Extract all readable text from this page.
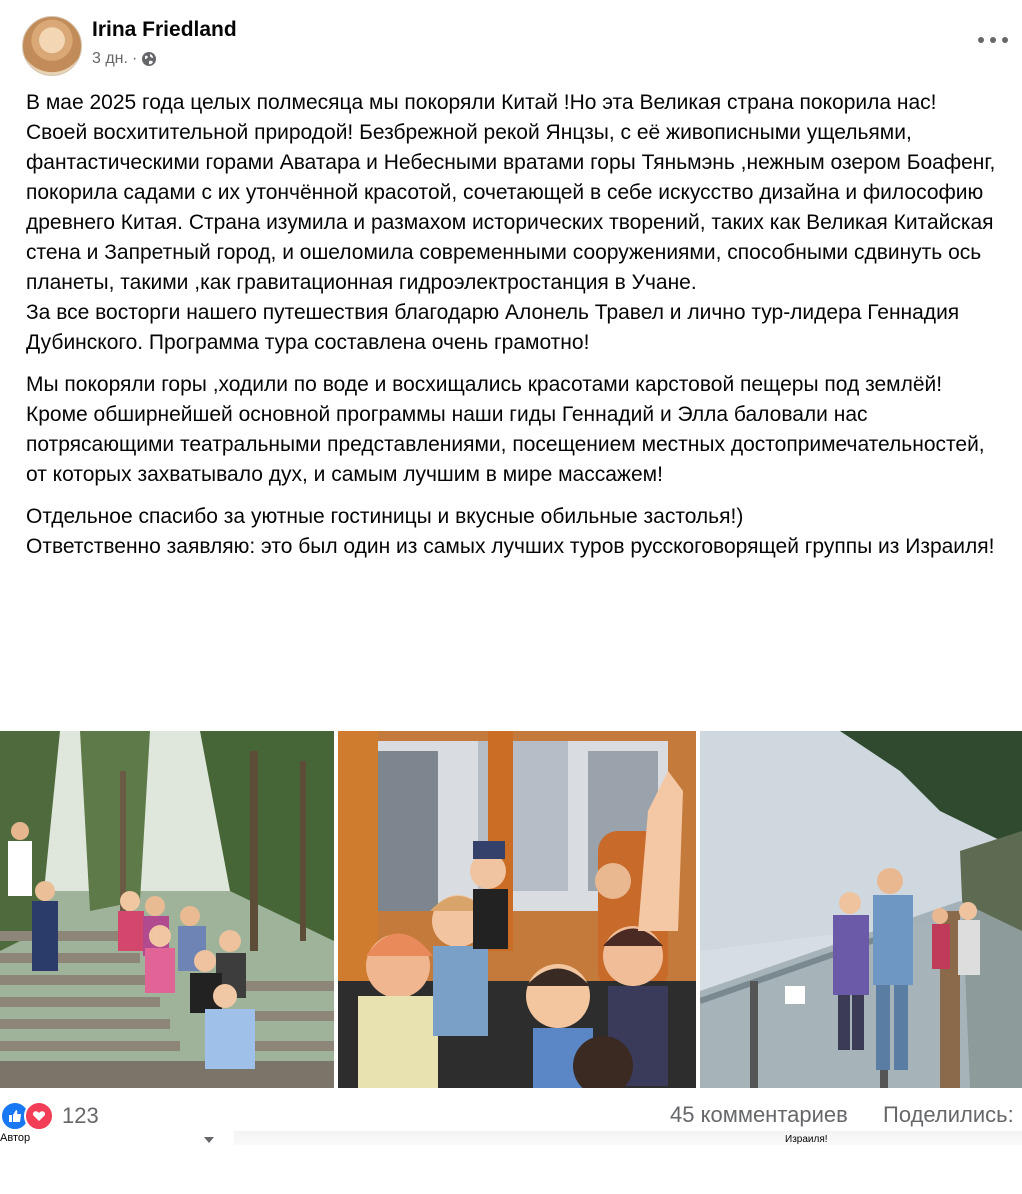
Irina Friedland
3 дн. ·

В мае 2025 года целых полмесяца мы покоряли Китай !Но эта Великая страна покорила нас!
Своей восхитительной природой! Безбрежной рекой Янцзы, с её живописными ущельями, фантастическими горами Аватара и Небесными вратами горы Тяньмэнь ,нежным озером Боафенг, покорила садами с их утончённой красотой, сочетающей в себе искусство дизайна и философию древнего Китая. Страна изумила и размахом исторических творений, таких как Великая Китайская стена и Запретный город, и ошеломила современными сооружениями, способными сдвинуть ось планеты, такими ,как гравитационная гидроэлектростанция в Учане.
За все восторги нашего путешествия благодарю Алонель Травел и лично тур-лидера Геннадия Дубинского. Программа тура составлена очень грамотно!

Мы покоряли горы ,ходили по воде и восхищались красотами карстовой пещеры под землёй!Кроме обширнейшей основной программы наши гиды Геннадий и Элла баловали нас потрясающими театральными представлениями, посещением местных достопримечательностей, от которых захватывало дух, и самым лучшим в мире массажем!

Отдельное спасибо за уютные гостиницы и вкусные обильные застолья!)
Ответственно заявляю: это был один из самых лучших туров русскоговорящей группы из Израиля!

123	45 комментариев Поделились:
Автор	Израиля!
